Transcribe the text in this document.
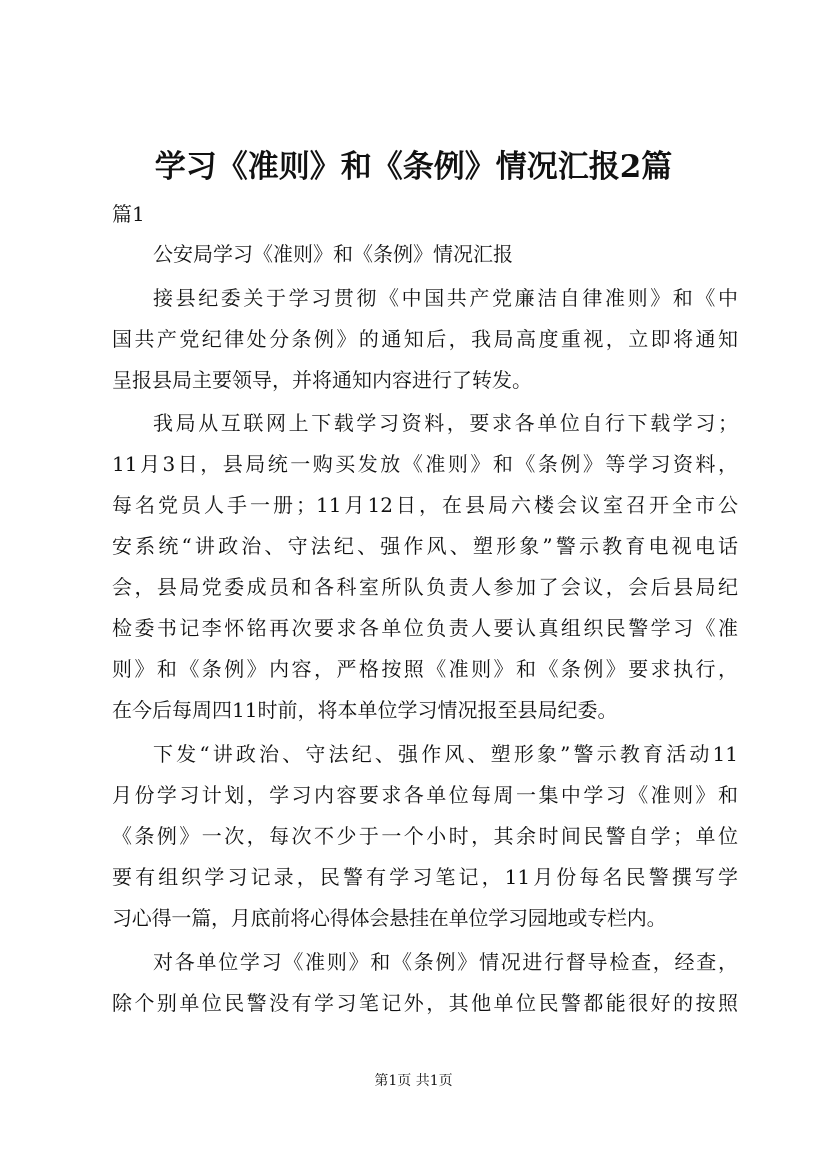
学习《准则》和《条例》情况汇报2篇
篇1
公安局学习《准则》和《条例》情况汇报
接县纪委关于学习贯彻《中国共产党廉洁自律准则》和《中
国共产党纪律处分条例》的通知后，我局高度重视，立即将通知
呈报县局主要领导，并将通知内容进行了转发。
我局从互联网上下载学习资料，要求各单位自行下载学习；
11月3日，县局统一购买发放《准则》和《条例》等学习资料，
每名党员人手一册；11月12日，在县局六楼会议室召开全市公
安系统“讲政治、守法纪、强作风、塑形象”警示教育电视电话
会，县局党委成员和各科室所队负责人参加了会议，会后县局纪
检委书记李怀铭再次要求各单位负责人要认真组织民警学习《准
则》和《条例》内容，严格按照《准则》和《条例》要求执行，
在今后每周四11时前，将本单位学习情况报至县局纪委。
下发“讲政治、守法纪、强作风、塑形象”警示教育活动11
月份学习计划，学习内容要求各单位每周一集中学习《准则》和
《条例》一次，每次不少于一个小时，其余时间民警自学；单位
要有组织学习记录，民警有学习笔记，11月份每名民警撰写学
习心得一篇，月底前将心得体会悬挂在单位学习园地或专栏内。
对各单位学习《准则》和《条例》情况进行督导检查，经查，
除个别单位民警没有学习笔记外，其他单位民警都能很好的按照
第1页 共1页
